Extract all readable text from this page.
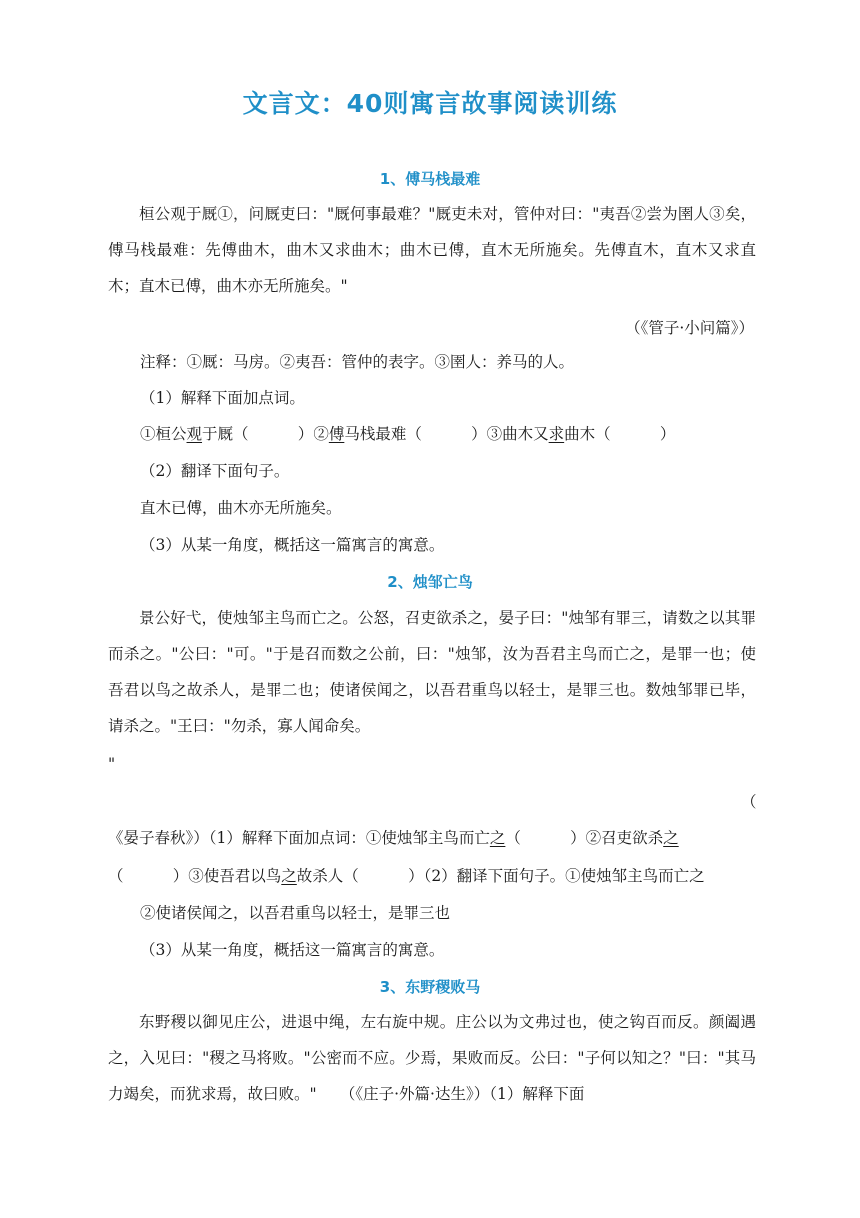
文言文：40则寓言故事阅读训练
1、傅马栈最难

桓公观于厩①，问厩吏曰："厩何事最难？"厩吏未对，管仲对曰："夷吾②尝为圉人③矣，傅马栈最难：先傅曲木，曲木又求曲木；曲木已傅，直木无所施矣。先傅直木，直木又求直木；直木已傅，曲木亦无所施矣。"

（《管子·小问篇》）
注释：①厩：马房。②夷吾：管仲的表字。③圉人：养马的人。
（1）解释下面加点词。
①桓公观于厩（          ）②傅马栈最难（          ）③曲木又求曲木（          ）
（2）翻译下面句子。
直木已傅，曲木亦无所施矣。
（3）从某一角度，概括这一篇寓言的寓意。
2、烛邹亡鸟

景公好弋，使烛邹主鸟而亡之。公怒，召吏欲杀之，晏子曰："烛邹有罪三，请数之以其罪而杀之。"公曰："可。"于是召而数之公前，曰："烛邹，汝为吾君主鸟而亡之，是罪一也；使吾君以鸟之故杀人，是罪二也；使诸侯闻之，以吾君重鸟以轻士，是罪三也。数烛邹罪已毕，请杀之。"王曰："勿杀，寡人闻命矣。

"
（
《晏子春秋》）（1）解释下面加点词：①使烛邹主鸟而亡之（          ）②召吏欲杀之
（          ）③使吾君以鸟之故杀人（          ）（2）翻译下面句子。①使烛邹主鸟而亡之
②使诸侯闻之，以吾君重鸟以轻士，是罪三也
（3）从某一角度，概括这一篇寓言的寓意。
3、东野稷败马

东野稷以御见庄公，进退中绳，左右旋中规。庄公以为文弗过也，使之钩百而反。颜阖遇之，入见曰："稷之马将败。"公密而不应。少焉，果败而反。公曰："子何以知之？"曰："其马力竭矣，而犹求焉，故曰败。"　　（《庄子·外篇·达生》）（1）解释下面
